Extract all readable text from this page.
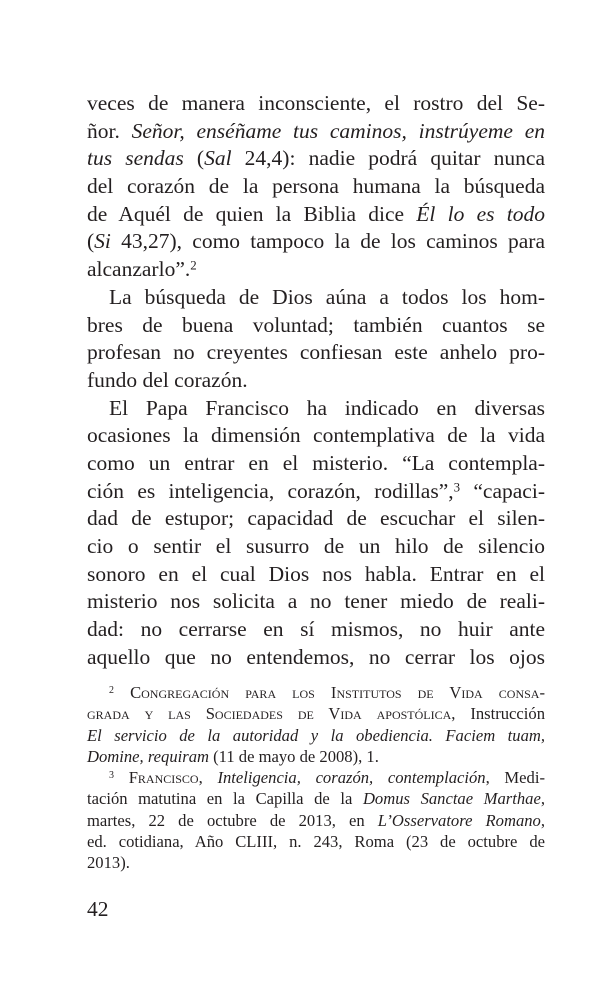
veces de manera inconsciente, el rostro del Se-
ñor. Señor, enséñame tus caminos, instrúyeme en
tus sendas (Sal 24,4): nadie podrá quitar nunca
del corazón de la persona humana la búsqueda
de Aquél de quien la Biblia dice Él lo es todo
(Si 43,27), como tampoco la de los caminos para
alcanzarlo”.$^2$
La búsqueda de Dios aúna a todos los hom-
bres de buena voluntad; también cuantos se
profesan no creyentes confiesan este anhelo pro-
fundo del corazón.
El Papa Francisco ha indicado en diversas
ocasiones la dimensión contemplativa de la vida
como un entrar en el misterio. “La contempla-
ción es inteligencia, corazón, rodillas”,$^3$ “capaci-
dad de estupor; capacidad de escuchar el silen-
cio o sentir el susurro de un hilo de silencio
sonoro en el cual Dios nos habla. Entrar en el
misterio nos solicita a no tener miedo de reali-
dad: no cerrarse en sí mismos, no huir ante
aquello que no entendemos, no cerrar los ojos
$^2$ Congregación para los Institutos de Vida consa-
grada y las Sociedades de Vida apostólica, Instrucción
El servicio de la autoridad y la obediencia. Faciem tuam,
Domine, requiram (11 de mayo de 2008), 1.
$^3$ Francisco, Inteligencia, corazón, contemplación, Medi-
tación matutina en la Capilla de la Domus Sanctae Marthae,
martes, 22 de octubre de 2013, en L’Osservatore Romano,
ed. cotidiana, Año CLIII, n. 243, Roma (23 de octubre de
2013).
42
